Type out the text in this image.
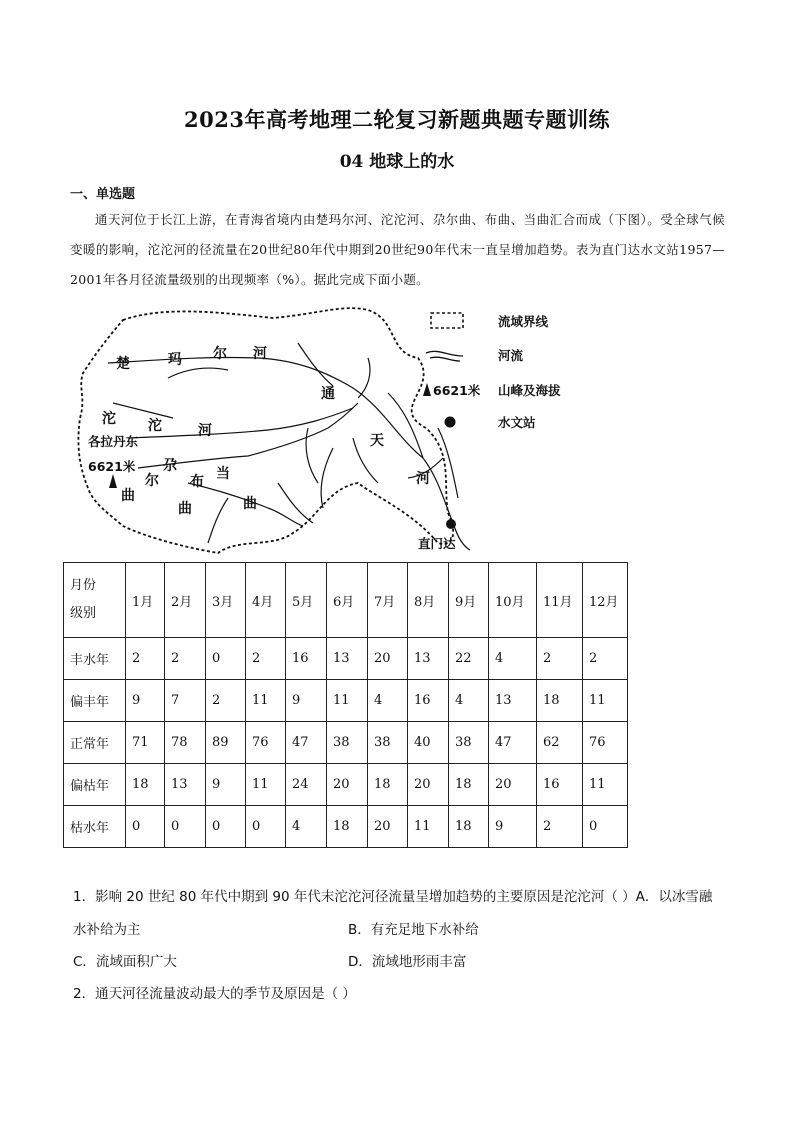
2023年高考地理二轮复习新题典题专题训练
04 地球上的水
一、单选题
通天河位于长江上游，在青海省境内由楚玛尔河、沱沱河、尕尔曲、布曲、当曲汇合而成（下图）。受全球气候变暖的影响，沱沱河的径流量在20世纪80年代中期到20世纪90年代末一直呈增加趋势。表为直门达水文站1957—2001年各月径流量级别的出现频率（%）。据此完成下面小题。
楚	玛 尔 河
通
沱 沱	河
天
河
尕
尔
曲
布
曲
当
曲
各拉丹东
6621米
直门达
流域界线
河流
6621米 山峰及海拔
水文站
月份
级别	1月	2月	3月	4月	5月	6月	7月	8月	9月	10月	11月	12月
丰水年	2	2	0	2	16	13	20	13	22	4	2	2
偏丰年	9	7	2	11	9	11	4	16	4	13	18	11
正常年	71	78	89	76	47	38	38	40	38	47	62	76
偏枯年	18	13	9	11	24	20	18	20	18	20	16	11
枯水年	0	0	0	0	4	18	20	11	18	9	2	0
1．影响 20 世纪 80 年代中期到 90 年代末沱沱河径流量呈增加趋势的主要原因是沱沱河（ ）A．以冰雪融
水补给为主	B．有充足地下水补给
C．流域面积广大	D．流域地形雨丰富
2．通天河径流量波动最大的季节及原因是（ ）
